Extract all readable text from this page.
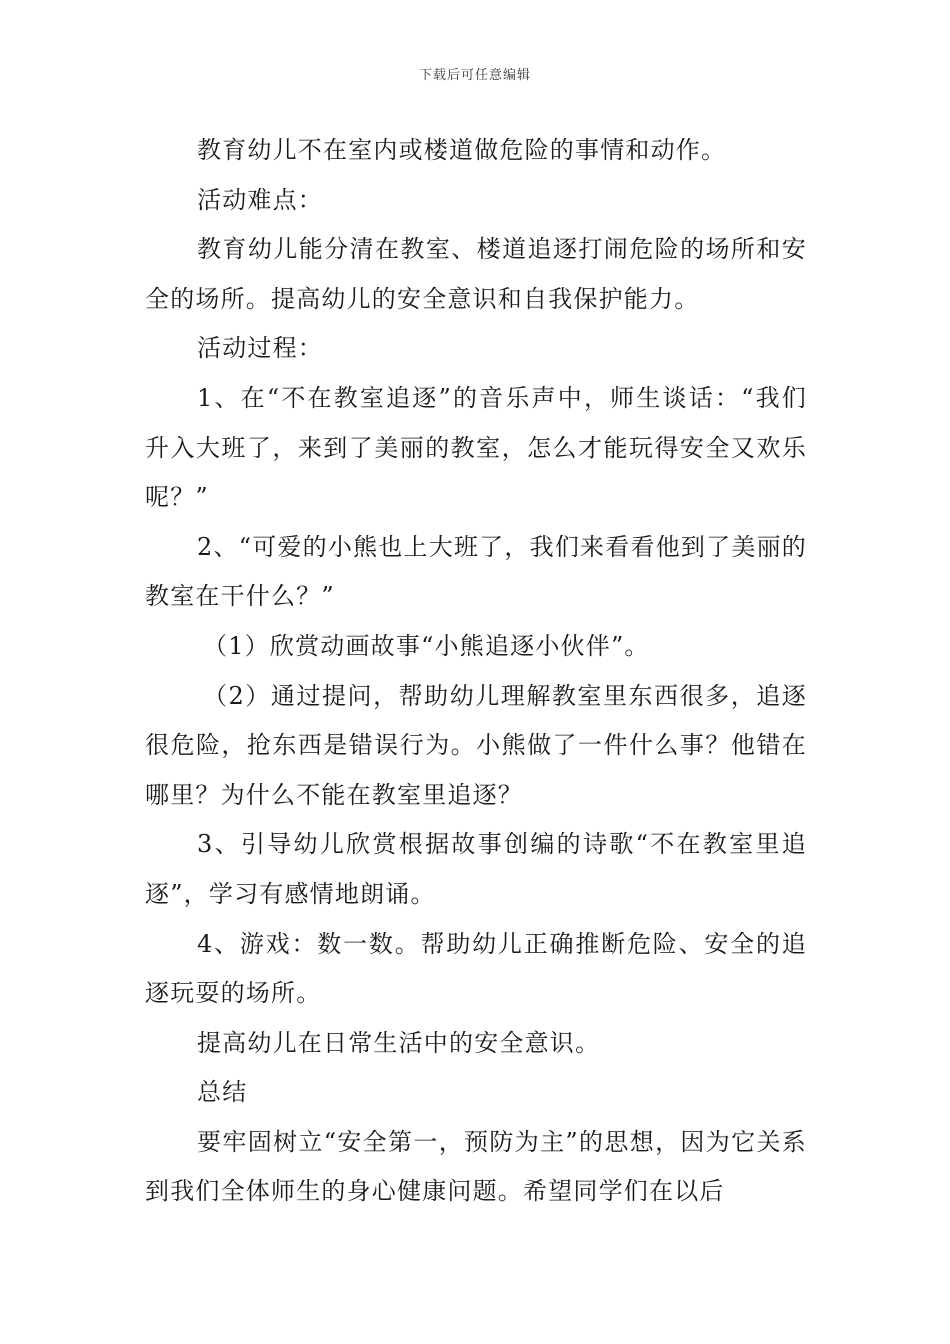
下载后可任意编辑

教育幼儿不在室内或楼道做危险的事情和动作。

活动难点：

教育幼儿能分清在教室、楼道追逐打闹危险的场所和安全的场所。提高幼儿的安全意识和自我保护能力。

活动过程：

1、在“不在教室追逐”的音乐声中，师生谈话：“我们升入大班了，来到了美丽的教室，怎么才能玩得安全又欢乐呢？”

2、“可爱的小熊也上大班了，我们来看看他到了美丽的教室在干什么？”

（1）欣赏动画故事“小熊追逐小伙伴”。

（2）通过提问，帮助幼儿理解教室里东西很多，追逐很危险，抢东西是错误行为。小熊做了一件什么事？他错在哪里？为什么不能在教室里追逐？

3、引导幼儿欣赏根据故事创编的诗歌“不在教室里追逐”，学习有感情地朗诵。

4、游戏：数一数。帮助幼儿正确推断危险、安全的追逐玩耍的场所。

提高幼儿在日常生活中的安全意识。

总结

要牢固树立“安全第一，预防为主”的思想，因为它关系到我们全体师生的身心健康问题。希望同学们在以后
